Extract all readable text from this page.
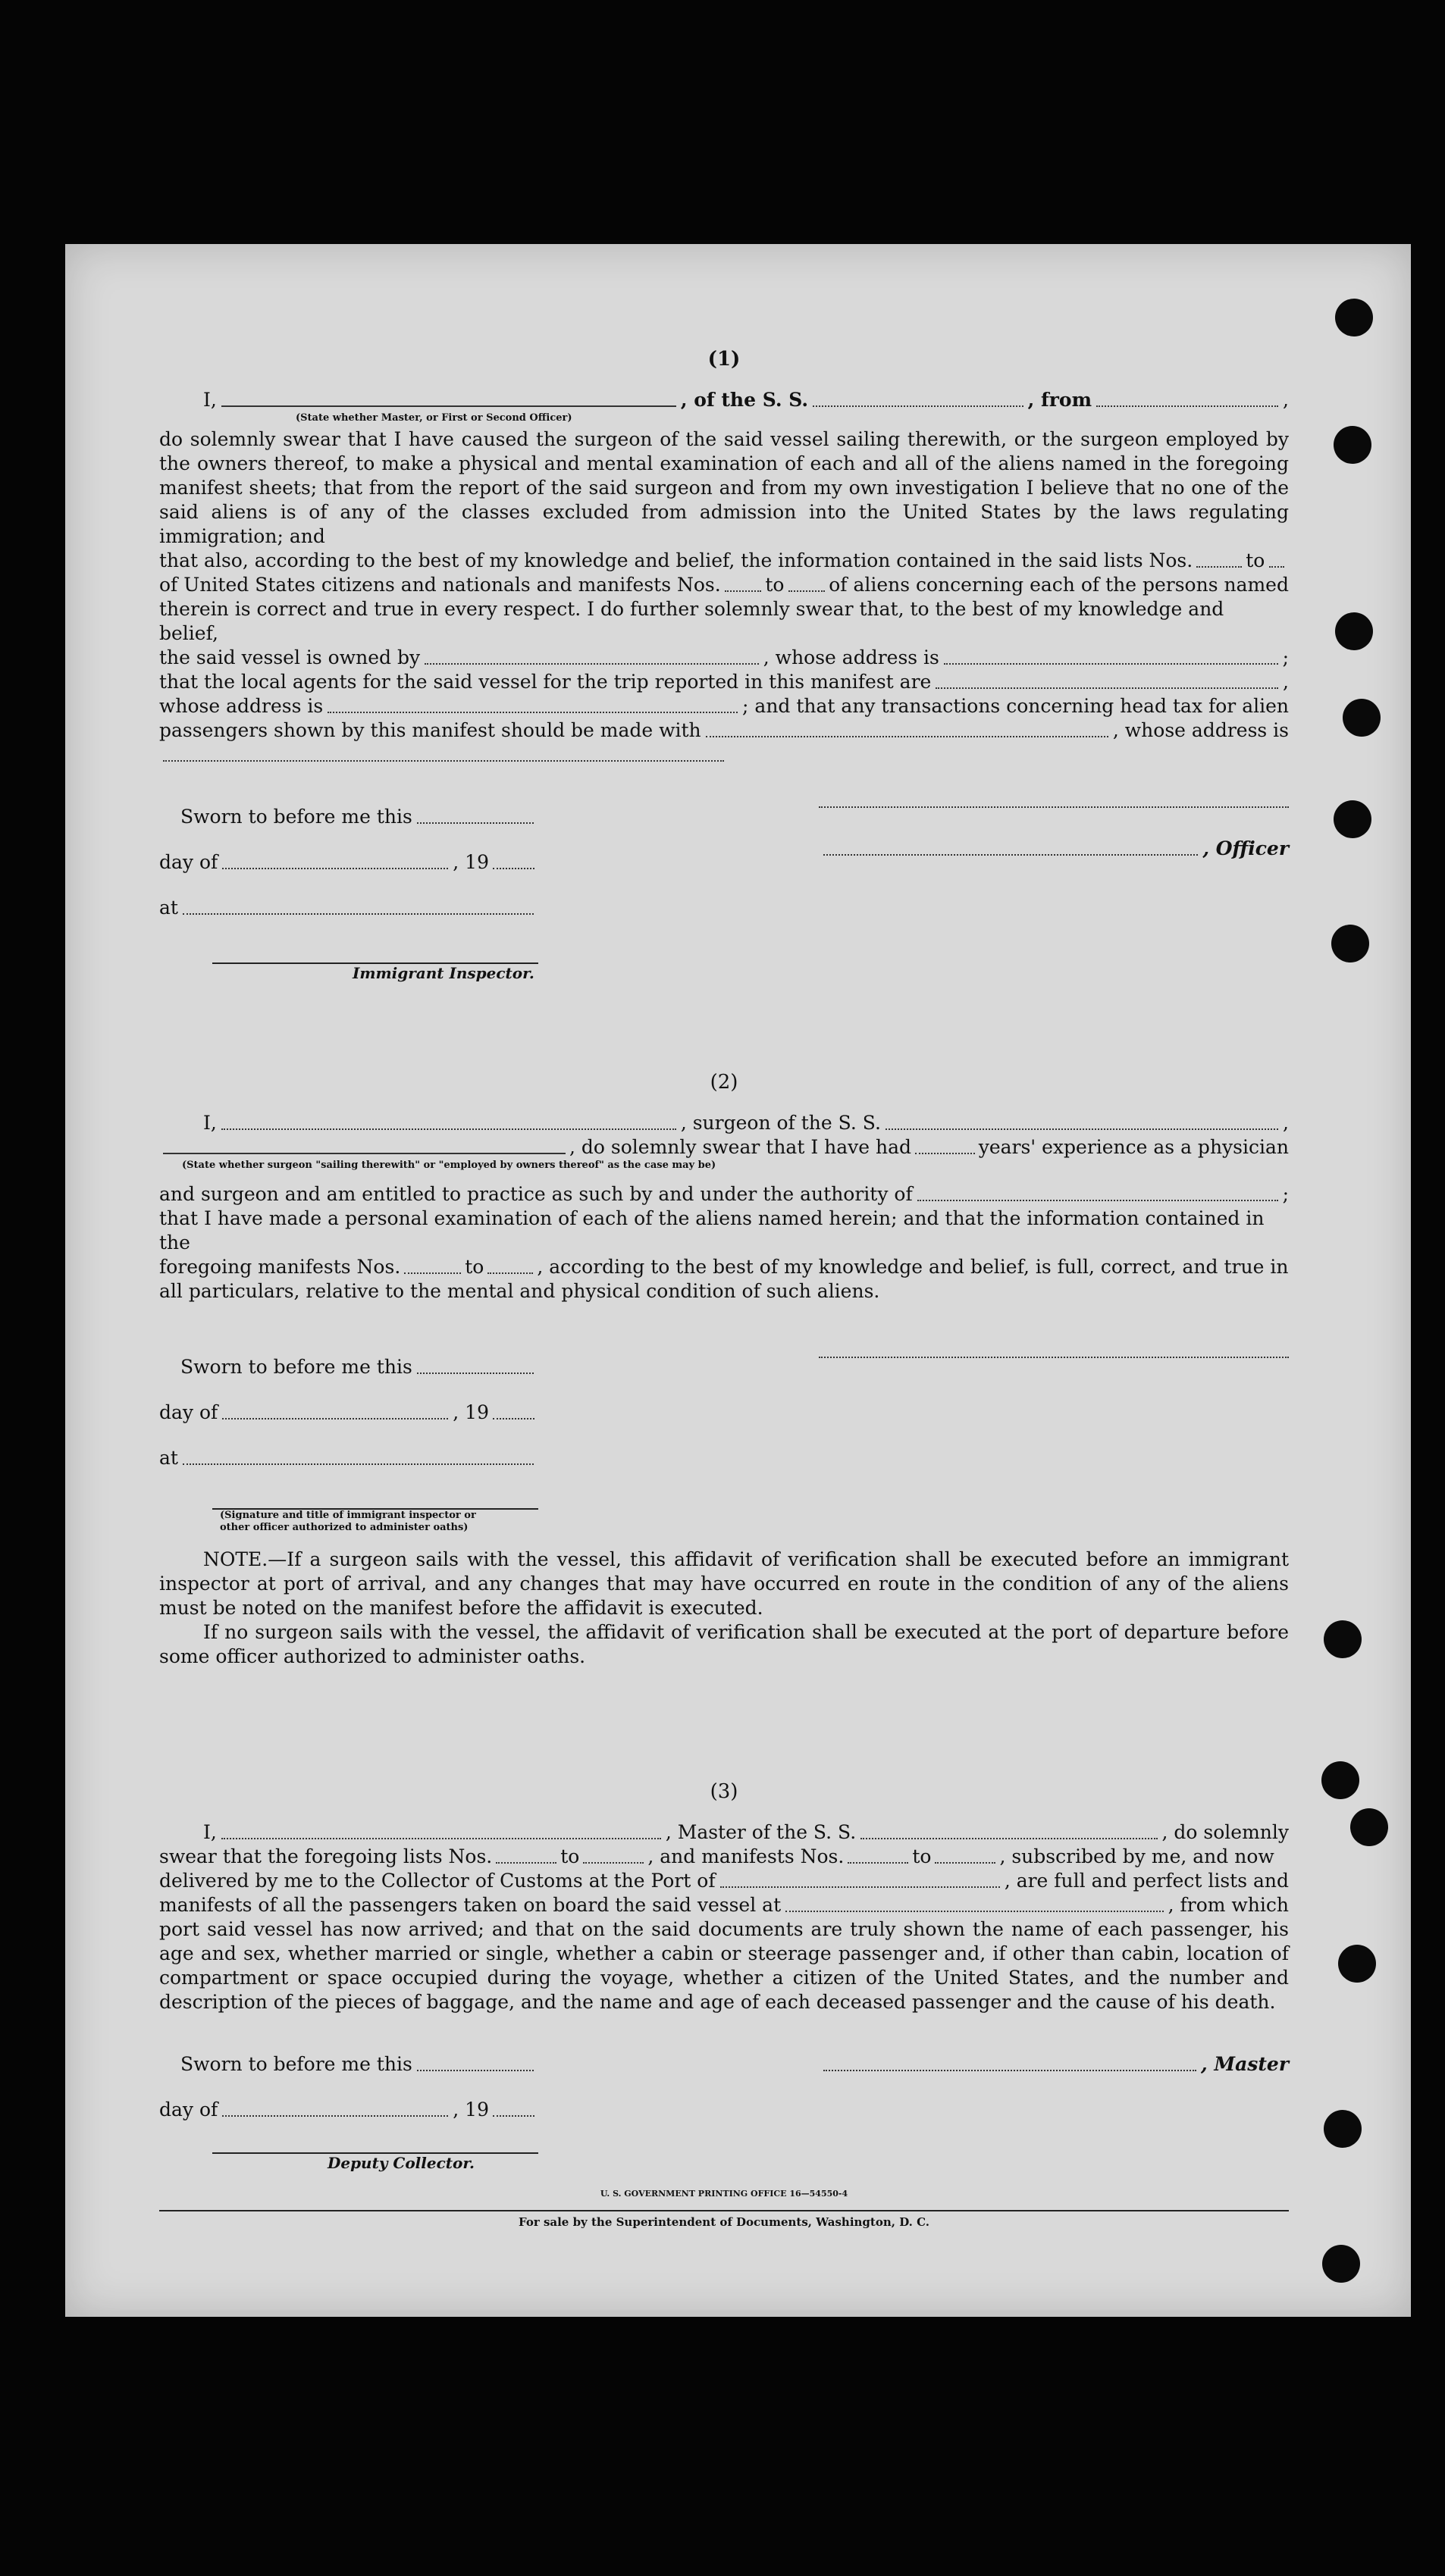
(1)
I,	, of the S. S.	, from	,
(State whether Master, or First or Second Officer)
do solemnly swear that I have caused the surgeon of the said vessel sailing therewith, or the surgeon employed by the owners thereof, to make a physical and mental examination of each and all of the aliens named in the foregoing manifest sheets; that from the report of the said surgeon and from my own investigation I believe that no one of the said aliens is of any of the classes excluded from admission into the United States by the laws regulating immigration; and
that also, according to the best of my knowledge and belief, the information contained in the said lists Nos.	to
of United States citizens and nationals and manifests Nos. to of aliens concerning each of the persons named
therein is correct and true in every respect. I do further solemnly swear that, to the best of my knowledge and belief,
the said vessel is owned by	, whose address is	;
that the local agents for the said vessel for the trip reported in this manifest are	,
whose address is	; and that any transactions concerning head tax for alien
passengers shown by this manifest should be made with	, whose address is
Sworn to before me this
day of	, 19
at
Immigrant Inspector.
, Officer
(2)
I,	, surgeon of the S. S.	,
, do solemnly swear that I have had	years' experience as a physician
(State whether surgeon "sailing therewith" or "employed by owners thereof" as the case may be)
and surgeon and am entitled to practice as such by and under the authority of	;
that I have made a personal examination of each of the aliens named herein; and that the information contained in the
foregoing manifests Nos.	to	, according to the best of my knowledge and belief, is full, correct, and true in
all particulars, relative to the mental and physical condition of such aliens.
Sworn to before me this
day of	, 19
at
(Signature and title of immigrant inspector or
other officer authorized to administer oaths)
NOTE.—If a surgeon sails with the vessel, this affidavit of verification shall be executed before an immigrant inspector at port of arrival, and any changes that may have occurred en route in the condition of any of the aliens must be noted on the manifest before the affidavit is executed.
If no surgeon sails with the vessel, the affidavit of verification shall be executed at the port of departure before some officer authorized to administer oaths.
(3)
I,	, Master of the S. S.	, do solemnly
swear that the foregoing lists Nos.	to	, and manifests Nos.	to	, subscribed by me, and now
delivered by me to the Collector of Customs at the Port of	, are full and perfect lists and
manifests of all the passengers taken on board the said vessel at	, from which
port said vessel has now arrived; and that on the said documents are truly shown the name of each passenger, his age and sex, whether married or single, whether a cabin or steerage passenger and, if other than cabin, location of compartment or space occupied during the voyage, whether a citizen of the United States, and the number and description of the pieces of baggage, and the name and age of each deceased passenger and the cause of his death.
Sworn to before me this
day of	, 19
Deputy Collector.
, Master
U. S. GOVERNMENT PRINTING OFFICE 16—54550-4
For sale by the Superintendent of Documents, Washington, D. C.
